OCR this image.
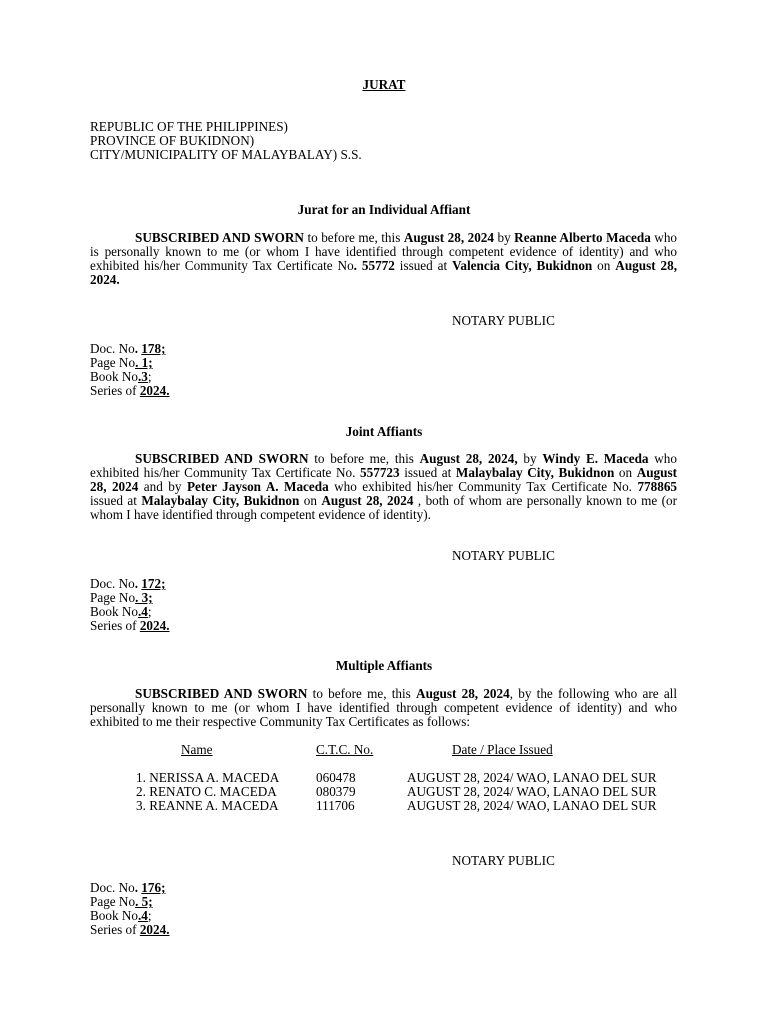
JURAT
REPUBLIC OF THE PHILIPPINES)
PROVINCE OF BUKIDNON)
CITY/MUNICIPALITY OF MALAYBALAY) S.S.
Jurat for an Individual Affiant
SUBSCRIBED AND SWORN to before me, this August 28, 2024 by Reanne Alberto Maceda who is personally known to me (or whom I have identified through competent evidence of identity) and who exhibited his/her Community Tax Certificate No. 55772 issued at Valencia City, Bukidnon on August 28, 2024.
NOTARY PUBLIC
Doc. No. 178;
Page No. 1;
Book No.3;
Series of 2024.
Joint Affiants
SUBSCRIBED AND SWORN to before me, this August 28, 2024, by Windy E. Maceda who exhibited his/her Community Tax Certificate No. 557723 issued at Malaybalay City, Bukidnon on August 28, 2024 and by Peter Jayson A. Maceda who exhibited his/her Community Tax Certificate No. 778865 issued at Malaybalay City, Bukidnon on August 28, 2024 , both of whom are personally known to me (or whom I have identified through competent evidence of identity).
NOTARY PUBLIC
Doc. No. 172;
Page No. 3;
Book No.4;
Series of 2024.
Multiple Affiants
SUBSCRIBED AND SWORN to before me, this August 28, 2024, by the following who are all personally known to me (or whom I have identified through competent evidence of identity) and who exhibited to me their respective Community Tax Certificates as follows:
Name	C.T.C. No.	Date / Place Issued
1. NERISSA A. MACEDA	060478	AUGUST 28, 2024/ WAO, LANAO DEL SUR
2. RENATO C. MACEDA	080379	AUGUST 28, 2024/ WAO, LANAO DEL SUR
3. REANNE A. MACEDA	111706	AUGUST 28, 2024/ WAO, LANAO DEL SUR
NOTARY PUBLIC
Doc. No. 176;
Page No. 5;
Book No.4;
Series of 2024.
